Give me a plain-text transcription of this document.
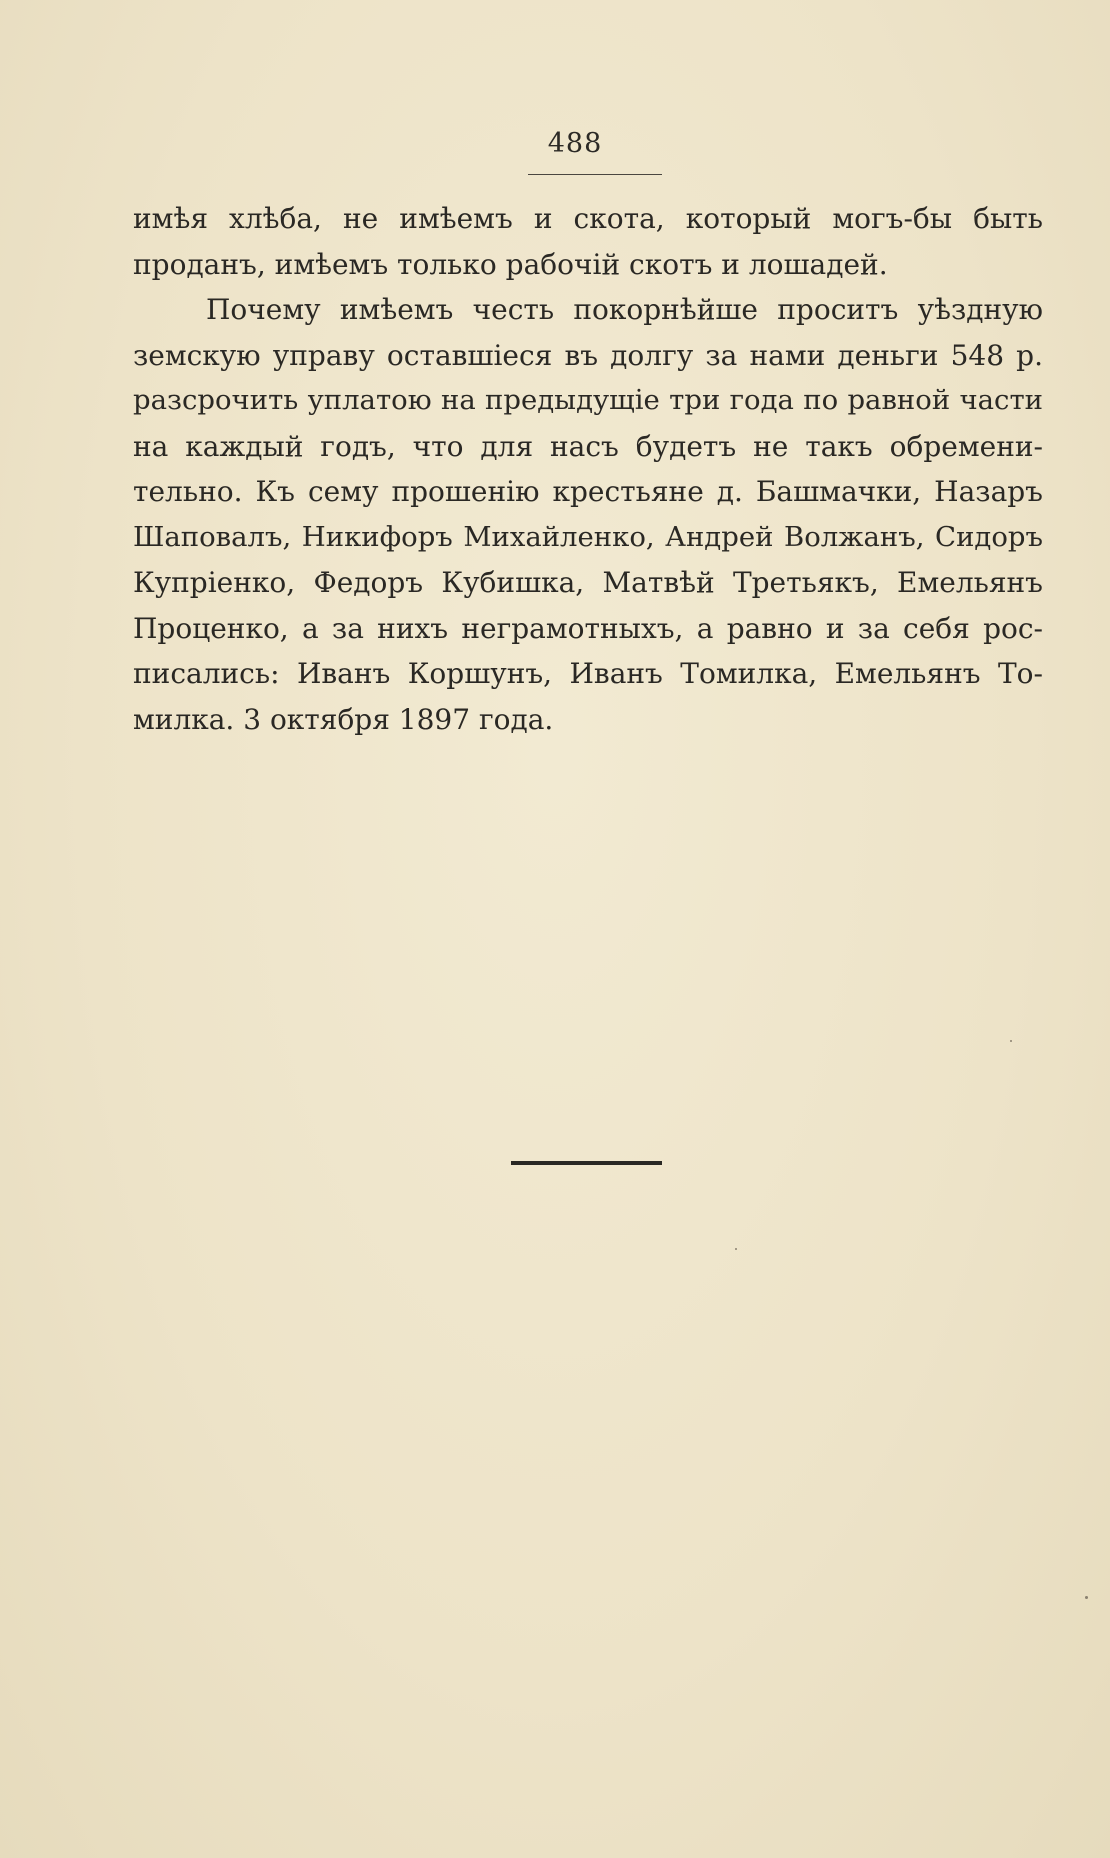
488
имѣя хлѣба, не имѣемъ и скота, который могъ-бы быть
проданъ, имѣемъ только рабочій скотъ и лошадей.
Почему имѣемъ честь покорнѣйше проситъ уѣздную
земскую управу оставшіеся въ долгу за нами деньги 548 р.
разсрочить уплатою на предыдущіе три года по равной части
на каждый годъ, что для насъ будетъ не такъ обремени-
тельно. Къ сему прошенію крестьяне д. Башмачки, Назаръ
Шаповалъ, Никифоръ Михайленко, Андрей Волжанъ, Сидоръ
Купріенко, Федоръ Кубишка, Матвѣй Третьякъ, Емельянъ
Проценко, а за нихъ неграмотныхъ, а равно и за себя рос-
писались: Иванъ Коршунъ, Иванъ Томилка, Емельянъ То-
милка. 3 октября 1897 года.
